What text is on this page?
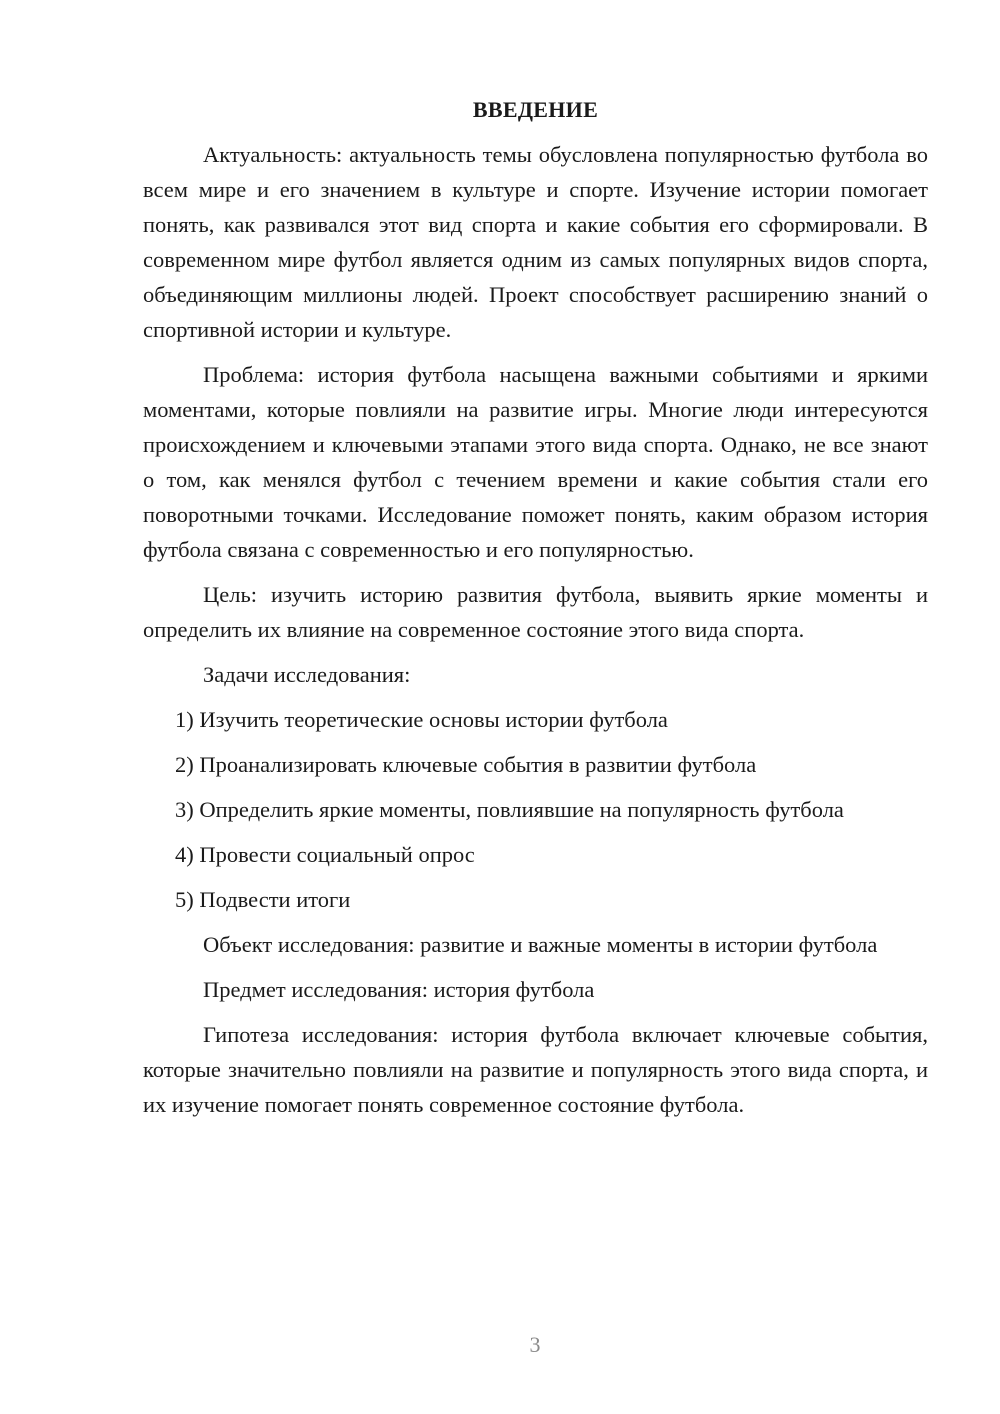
ВВЕДЕНИЕ

Актуальность: актуальность темы обусловлена популярностью футбола во всем мире и его значением в культуре и спорте. Изучение истории помогает понять, как развивался этот вид спорта и какие события его сформировали. В современном мире футбол является одним из самых популярных видов спорта, объединяющим миллионы людей. Проект способствует расширению знаний о спортивной истории и культуре.

Проблема: история футбола насыщена важными событиями и яркими моментами, которые повлияли на развитие игры. Многие люди интересуются происхождением и ключевыми этапами этого вида спорта. Однако, не все знают о том, как менялся футбол с течением времени и какие события стали его поворотными точками. Исследование поможет понять, каким образом история футбола связана с современностью и его популярностью.

Цель: изучить историю развития футбола, выявить яркие моменты и определить их влияние на современное состояние этого вида спорта.

Задачи исследования:

1) Изучить теоретические основы истории футбола
2) Проанализировать ключевые события в развитии футбола
3) Определить яркие моменты, повлиявшие на популярность футбола
4) Провести социальный опрос
5) Подвести итоги

Объект исследования: развитие и важные моменты в истории футбола

Предмет исследования: история футбола

Гипотеза исследования: история футбола включает ключевые события, которые значительно повлияли на развитие и популярность этого вида спорта, и их изучение помогает понять современное состояние футбола.

3
